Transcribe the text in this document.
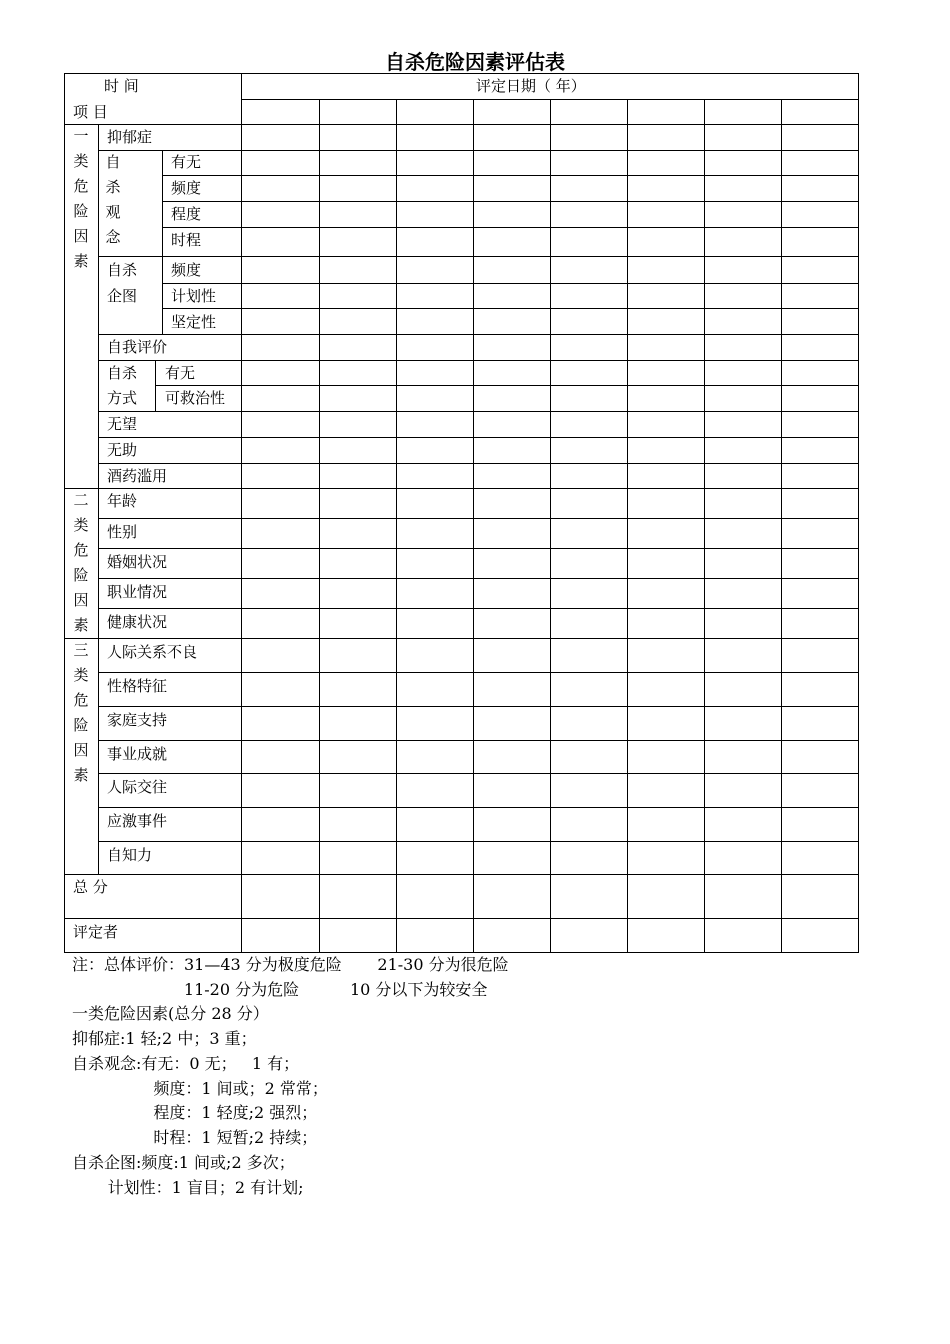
自杀危险因素评估表
时 间
项 目
评定日期（ 年）
一
类
危
险
因
素
二
类
危
险
因
素
三
类
危
险
因
素
抑郁症
自
杀
观
念
有无
频度
程度
时程
自杀
企图
频度
计划性
坚定性
自我评价
自杀
方式
有无
可救治性
无望
无助
酒药滥用
年龄
性别
婚姻状况
职业情况
健康状况
人际关系不良
性格特征
家庭支持
事业成就
人际交往
应激事件
自知力
总 分
评定者
注：总体评价：31—43 分为极度危险       21-30 分为很危险
11-20 分为危险          10 分以下为较安全
一类危险因素(总分 28 分）
抑郁症:1 轻;2 中；3 重；
自杀观念:有无：0 无；   1 有；
频度：1 间或；2 常常；
程度：1 轻度;2 强烈；
时程：1 短暂;2 持续；
自杀企图:频度:1 间或;2 多次；
计划性：1 盲目；2 有计划;
